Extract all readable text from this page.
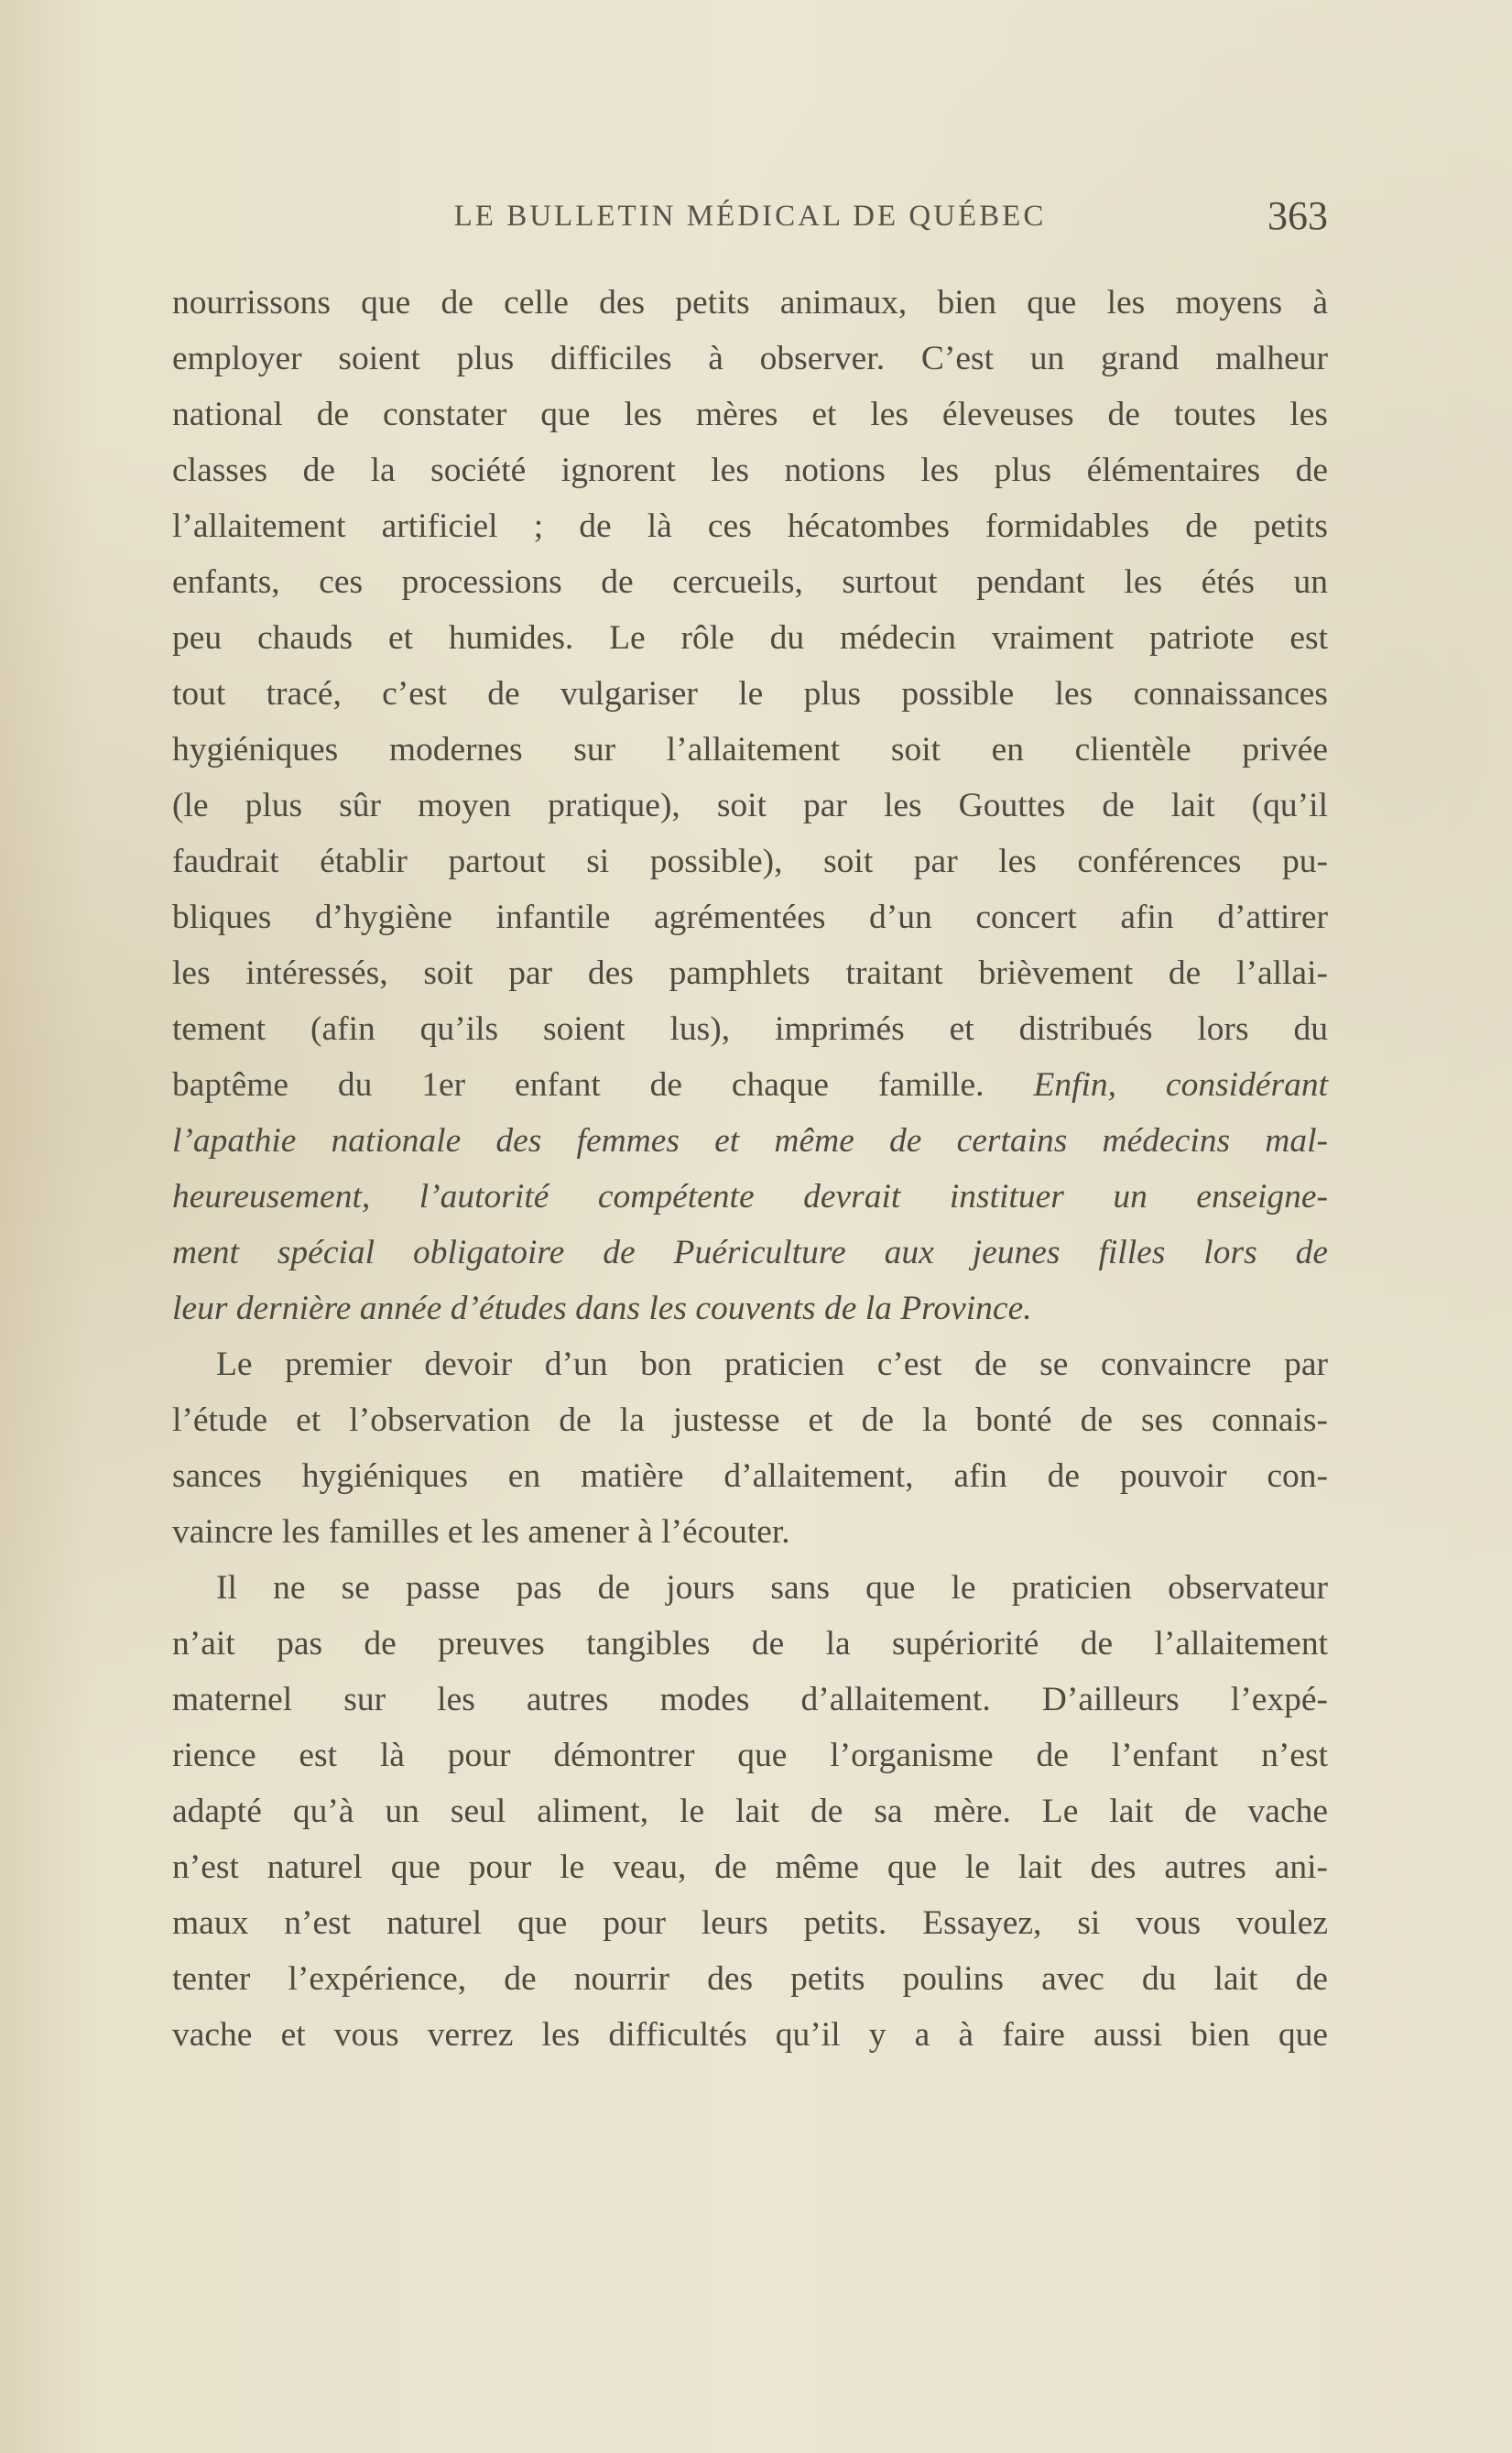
LE BULLETIN MÉDICAL DE QUÉBEC	363
nourrissons que de celle des petits animaux, bien que les moyens à
employer soient plus difficiles à observer. C’est un grand malheur
national de constater que les mères et les éleveuses de toutes les
classes de la société ignorent les notions les plus élémentaires de
l’allaitement artificiel ; de là ces hécatombes formidables de petits
enfants, ces processions de cercueils, surtout pendant les étés un
peu chauds et humides. Le rôle du médecin vraiment patriote est
tout tracé, c’est de vulgariser le plus possible les connaissances
hygiéniques modernes sur l’allaitement soit en clientèle privée
(le plus sûr moyen pratique), soit par les Gouttes de lait (qu’il
faudrait établir partout si possible), soit par les conférences pu-
bliques d’hygiène infantile agrémentées d’un concert afin d’attirer
les intéressés, soit par des pamphlets traitant brièvement de l’allai-
tement (afin qu’ils soient lus), imprimés et distribués lors du
baptême du 1er enfant de chaque famille. Enfin, considérant
l’apathie nationale des femmes et même de certains médecins mal-
heureusement, l’autorité compétente devrait instituer un enseigne-
ment spécial obligatoire de Puériculture aux jeunes filles lors de
leur dernière année d’études dans les couvents de la Province.
Le premier devoir d’un bon praticien c’est de se convaincre par
l’étude et l’observation de la justesse et de la bonté de ses connais-
sances hygiéniques en matière d’allaitement, afin de pouvoir con-
vaincre les familles et les amener à l’écouter.
Il ne se passe pas de jours sans que le praticien observateur
n’ait pas de preuves tangibles de la supériorité de l’allaitement
maternel sur les autres modes d’allaitement. D’ailleurs l’expé-
rience est là pour démontrer que l’organisme de l’enfant n’est
adapté qu’à un seul aliment, le lait de sa mère. Le lait de vache
n’est naturel que pour le veau, de même que le lait des autres ani-
maux n’est naturel que pour leurs petits. Essayez, si vous voulez
tenter l’expérience, de nourrir des petits poulins avec du lait de
vache et vous verrez les difficultés qu’il y a à faire aussi bien que
